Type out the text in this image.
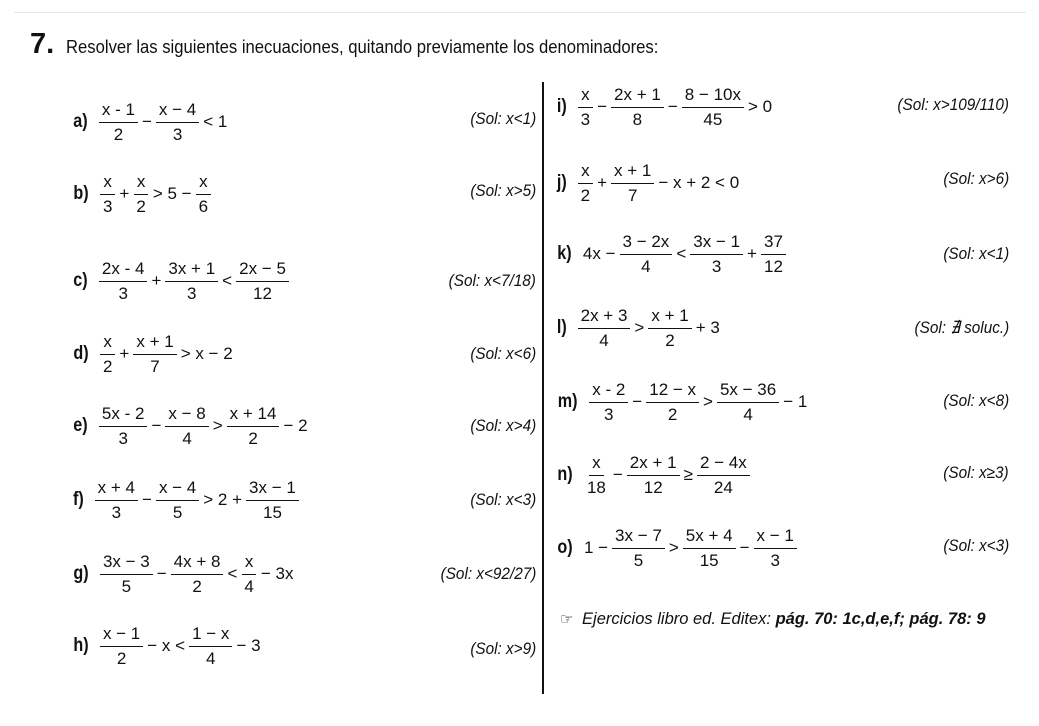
7. Resolver las siguientes inecuaciones, quitando previamente los denominadores:
$a) \frac{x - 1}{2} - \frac{x - 4}{3} < 1$	(Sol: x<1)
$b) \frac{x}{3} + \frac{x}{2} > 5 - \frac{x}{6}$	(Sol: x>5)
$c) \frac{2x - 4}{3} + \frac{3x + 1}{3} < \frac{2x - 5}{12}$	(Sol: x<7/18)
$d) \frac{x}{2} + \frac{x + 1}{7} > x - 2$	(Sol: x<6)
$e) \frac{5x - 2}{3} - \frac{x - 8}{4} > \frac{x + 14}{2} - 2$	(Sol: x>4)
$f) \frac{x + 4}{3} - \frac{x - 4}{5} > 2 + \frac{3x - 1}{15}$	(Sol: x<3)
$g) \frac{3x - 3}{5} - \frac{4x + 8}{2} < \frac{x}{4} - 3x$	(Sol: x<92/27)
$h) \frac{x - 1}{2} - x < \frac{1 - x}{4} - 3$	(Sol: x>9)
$i) \frac{x}{3} - \frac{2x + 1}{8} - \frac{8 - 10x}{45} > 0$	(Sol: x>109/110)
$j) \frac{x}{2} + \frac{x + 1}{7} - x + 2 < 0$	(Sol: x>6)
k) $4x - \frac{3 - 2x}{4} < \frac{3x - 1}{3} + \frac{37}{12}$	(Sol: x<1)
$l) \frac{2x + 3}{4} > \frac{x + 1}{2} + 3$	(Sol: ∄ soluc.)
$m) \frac{x - 2}{3} - \frac{12 - x}{2} > \frac{5x - 36}{4} - 1$	(Sol: x<8)
$n) \frac{x}{18} - \frac{2x + 1}{12} \ge \frac{2 - 4x}{24}$	(Sol: x≥3)
o) $1 - \frac{3x - 7}{5} > \frac{5x + 4}{15} - \frac{x - 1}{3}$	(Sol: x<3)
☞ Ejercicios libro ed. Editex: pág. 70: 1c,d,e,f; pág. 78: 9
